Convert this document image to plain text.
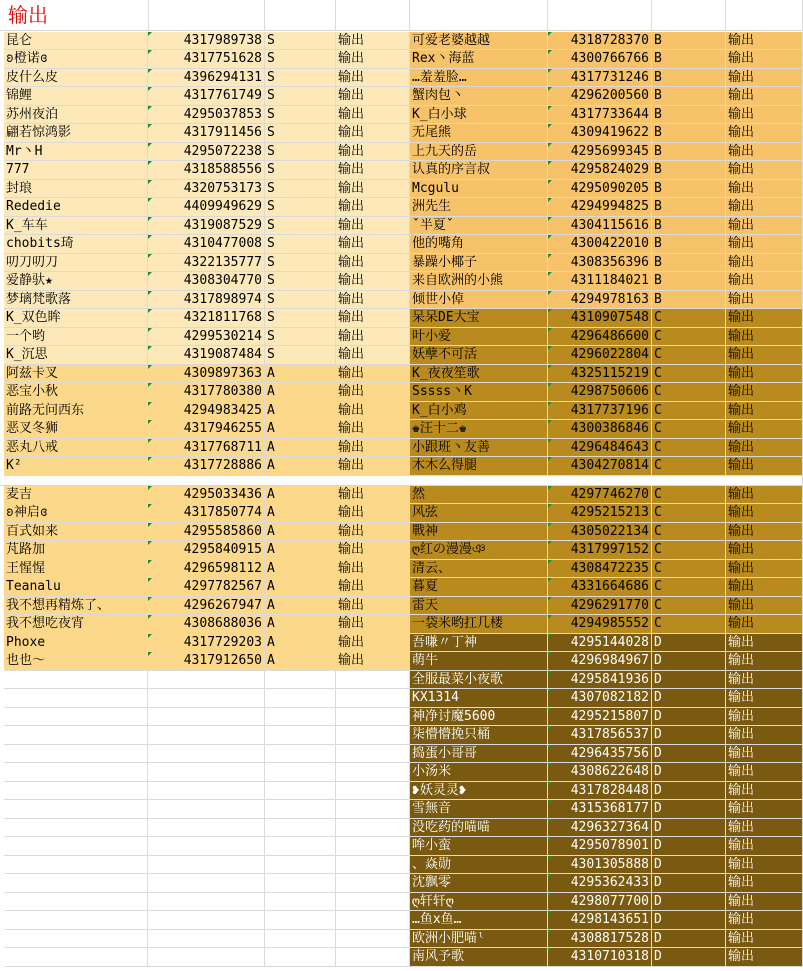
输出
昆仑	4317989738 S	输出
ʚ橙诺ɞ	4317751628 S	输出
皮什么皮	4396294131 S	输出
锦鲤	4317761749 S	输出
苏州夜泊	4295037853 S	输出
翩若惊鸿影	4317911456 S	输出
Mr丶H	4295072238 S	输出
777	4318588556 S	输出
封琅	4320753173 S	输出
Rededie	4409949629 S	输出
K_车车	4319087529 S	输出
chobits琦	4310477008 S	输出
叨刀叨刀	4322135777 S	输出
爱静驮★	4308304770 S	输出
梦璃梵歌落	4317898974 S	输出
K_双色眸	4321811768 S	输出
一个哟	4299530214 S	输出
K_沉思	4319087484 S	输出
阿兹卡叉	4309897363 A	输出
恶宝小秋	4317780380 A	输出
前路无问西东	4294983425 A	输出
恶叉冬狮	4317946255 A	输出
恶丸八戒	4317768711 A	输出
K²	4317728886 A	输出
麦吉	4295033436 A	输出
ʚ神启ɞ	4317850774 A	输出
百式如来	4295585860 A	输出
芃路加	4295840915 A	输出
王惺惺	4296598112 A	输出
Teanalu	4297782567 A	输出
我不想再精炼了、	4296267947 A	输出
我不想吃夜宵	4308688036 A	输出
Phoxe	4317729203 A	输出
也也～	4317912650 A	输出
可爱老婆越越	4318728370 B	输出
Rex丶海蓝	4300766766 B	输出
…羞羞脸…	4317731246 B	输出
蟹肉包丶	4296200560 B	输出
K_白小球	4317733644 B	输出
无尾熊	4309419622 B	输出
上九天的岳	4295699345 B	输出
认真的序言叔	4295824029 B	输出
Mcgulu	4295090205 B	输出
洲先生	4294994825 B	输出
ˇ半夏ˇ	4304115616 B	输出
他的嘴角	4300422010 B	输出
暴躁小椰子	4308356396 B	输出
来自欧洲的小熊	4311184021 B	输出
倾世小倬	4294978163 B	输出
呆呆DE大宝	4310907548 C	输出
叶小爱	4296486600 C	输出
妖孽不可活	4296022804 C	输出
K_夜夜笙歌	4325115219 C	输出
Sssss丶K	4298750606 C	输出
K_白小鸡	4317737196 C	输出
♚汪十二♚	4300386846 C	输出
小跟班丶友善	4296484643 C	输出
木木么得腿	4304270814 C	输出
然	4297746270 C	输出
风弦	4295215213 C	输出
戰神	4305022134 C	输出
ღ红の漫漫ঞ	4317997152 C	输出
清云、	4308472235 C	输出
暮夏	4331664686 C	输出
雷天	4296291770 C	输出
一袋米哟扛几楼	4294985552 C	输出
吾嗛〃丁神	4295144028 D	输出
萌牛	4296984967 D	输出
全服最菜小夜歌	4295841936 D	输出
KX1314	4307082182 D	输出
神净讨魔5600	4295215807 D	输出
柒懵懵挽只桶	4317856537 D	输出
捣蛋小哥哥	4296435756 D	输出
小汤米	4308622648 D	输出
❥妖灵灵❥	4317828448 D	输出
雪無音	4315368177 D	输出
没吃药的喵喵	4296327364 D	输出
哞小蛮	4295078901 D	输出
、焱勋	4301305888 D	输出
沈飘零	4295362433 D	输出
ღ轩轩ღ	4298077700 D	输出
…鱼x鱼…	4298143651 D	输出
欧洲小肥喵ˡ	4308817528 D	输出
南风予歌	4310710318 D	输出
